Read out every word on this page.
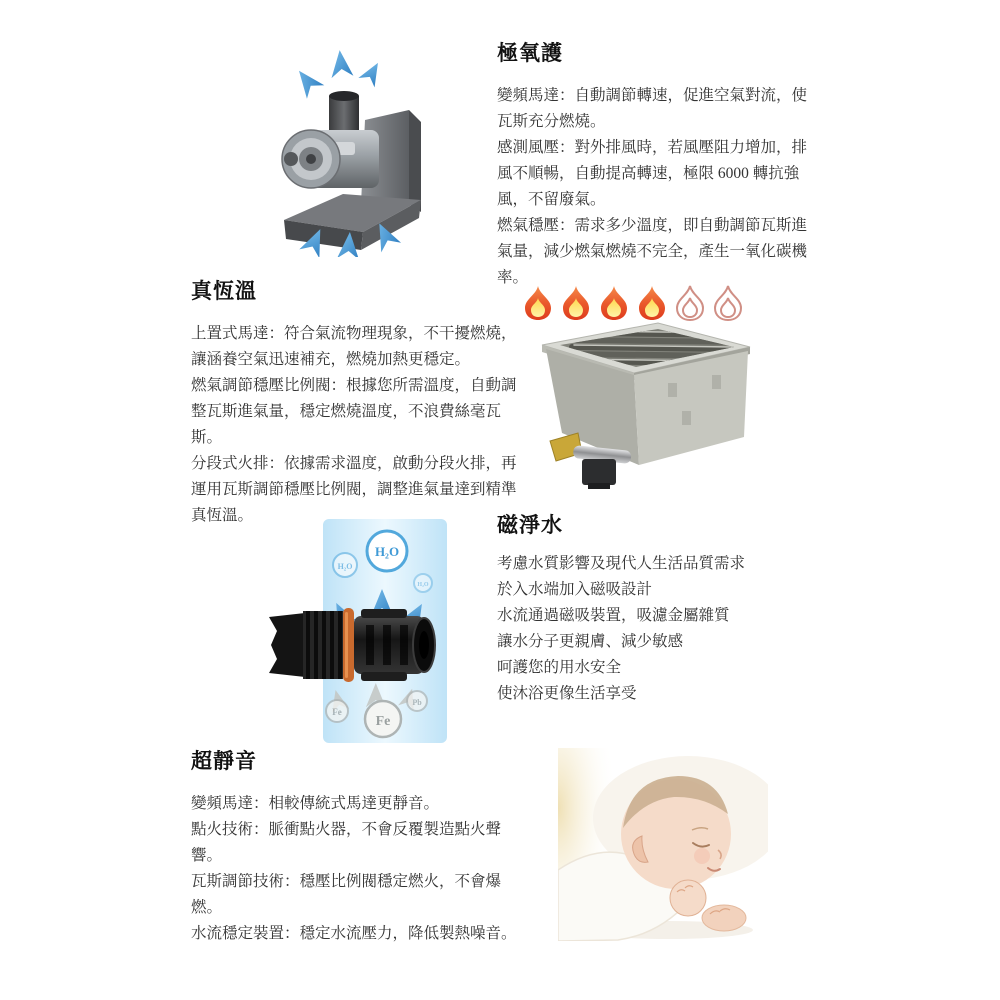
極氧護

變頻馬達：自動調節轉速，促進空氣對流，使瓦斯充分燃燒。

感測風壓：對外排風時，若風壓阻力增加，排風不順暢，自動提高轉速，極限 6000 轉抗強風，不留廢氣。

燃氣穩壓：需求多少溫度，即自動調節瓦斯進氣量，減少燃氣燃燒不完全，產生一氧化碳機率。

真恆溫

上置式馬達：符合氣流物理現象，不干擾燃燒，讓涵養空氣迅速補充，燃燒加熱更穩定。

燃氣調節穩壓比例閥：根據您所需溫度，自動調整瓦斯進氣量，穩定燃燒溫度，不浪費絲毫瓦斯。

分段式火排：依據需求溫度，啟動分段火排，再運用瓦斯調節穩壓比例閥，調整進氣量達到精準真恆溫。

H₂O
H₂O
H₂O
Fe
Fe
Pb
磁淨水

考慮水質影響及現代人生活品質需求

於入水端加入磁吸設計

水流通過磁吸裝置，吸濾金屬雜質

讓水分子更親膚、減少敏感

呵護您的用水安全

使沐浴更像生活享受

超靜音

變頻馬達：相較傳統式馬達更靜音。

點火技術：脈衝點火器，不會反覆製造點火聲響。

瓦斯調節技術：穩壓比例閥穩定燃火，不會爆燃。

水流穩定裝置：穩定水流壓力，降低製熱噪音。
